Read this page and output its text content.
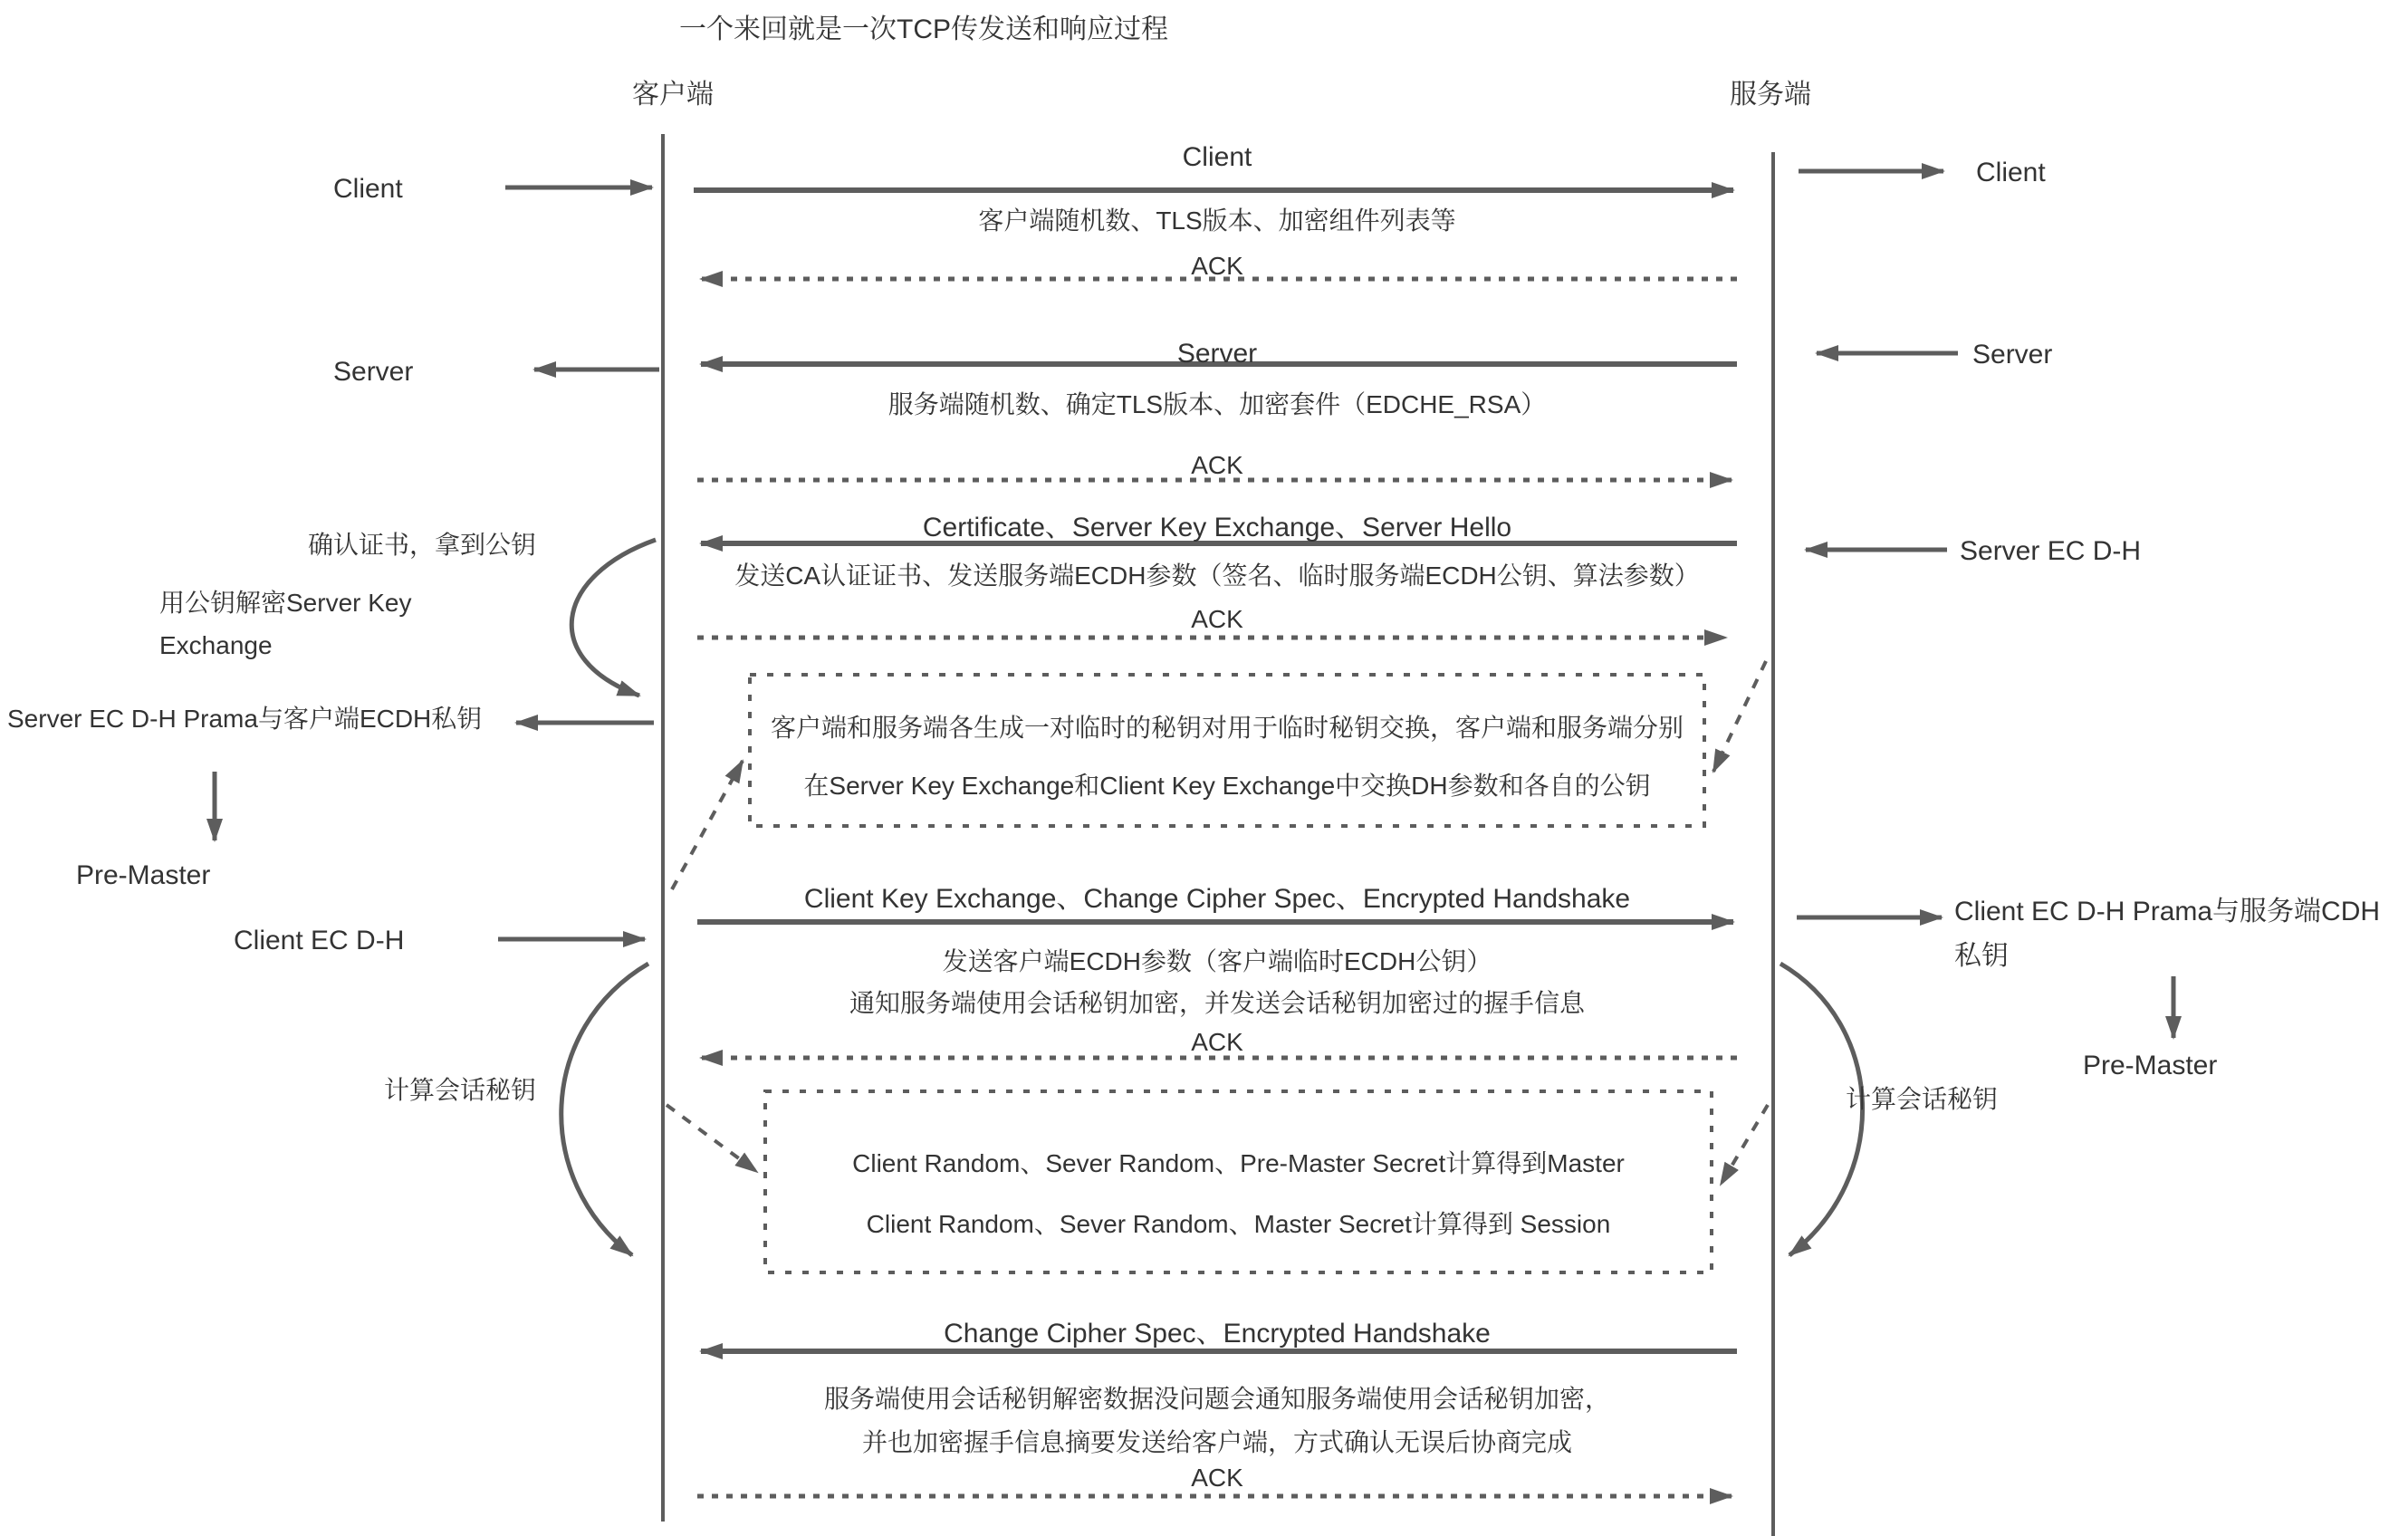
一个来回就是一次TCP传发送和响应过程
客户端	服务端
Client
客户端随机数、TLS版本、加密组件列表等
ACK
Server
服务端随机数、确定TLS版本、加密套件（EDCHE_RSA）
ACK
Certificate、Server Key Exchange、Server Hello
发送CA认证证书、发送服务端ECDH参数（签名、临时服务端ECDH公钥、算法参数）
ACK
客户端和服务端各生成一对临时的秘钥对用于临时秘钥交换，客户端和服务端分别
在Server Key Exchange和Client Key Exchange中交换DH参数和各自的公钥
Client Key Exchange、Change Cipher Spec、Encrypted Handshake
发送客户端ECDH参数（客户端临时ECDH公钥）
通知服务端使用会话秘钥加密，并发送会话秘钥加密过的握手信息
ACK
Client Random、Sever Random、Pre-Master Secret计算得到Master
Client Random、Sever Random、Master Secret计算得到 Session
Change Cipher Spec、Encrypted Handshake
服务端使用会话秘钥解密数据没问题会通知服务端使用会话秘钥加密，
并也加密握手信息摘要发送给客户端，方式确认无误后协商完成
ACK
Client
Server
确认证书，拿到公钥
用公钥解密Server Key Exchange
Server EC D-H Prama与客户端ECDH私钥
Pre-Master
Client EC D-H
计算会话秘钥
Client
Server
Server EC D-H
Client EC D-H Prama与服务端CDH私钥
Pre-Master
计算会话秘钥
